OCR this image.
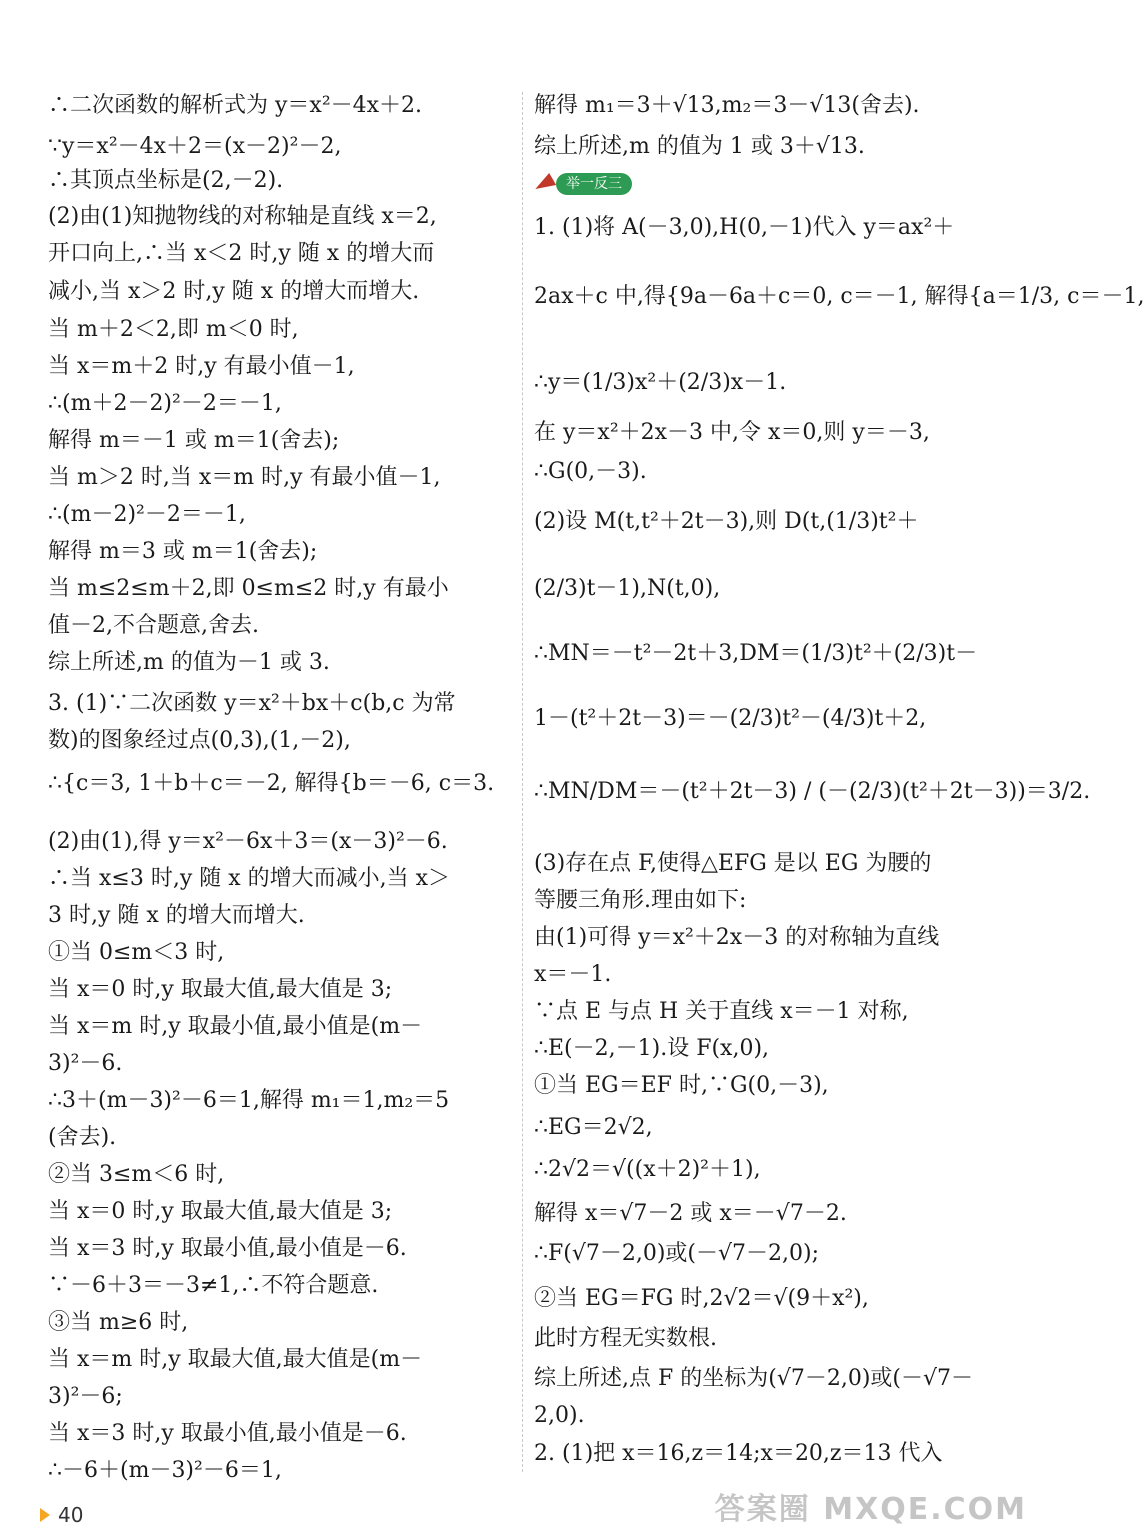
∴二次函数的解析式为 y＝x²－4x＋2.
∵y＝x²－4x＋2＝(x－2)²－2,
∴其顶点坐标是(2,－2).
(2)由(1)知抛物线的对称轴是直线 x＝2,
开口向上,∴当 x＜2 时,y 随 x 的增大而
减小,当 x＞2 时,y 随 x 的增大而增大.
当 m＋2＜2,即 m＜0 时,
当 x＝m＋2 时,y 有最小值－1,
∴(m＋2－2)²－2＝－1,
解得 m＝－1 或 m＝1(舍去);
当 m＞2 时,当 x＝m 时,y 有最小值－1,
∴(m－2)²－2＝－1,
解得 m＝3 或 m＝1(舍去);
当 m≤2≤m＋2,即 0≤m≤2 时,y 有最小
值－2,不合题意,舍去.
综上所述,m 的值为－1 或 3.
3. (1)∵二次函数 y＝x²＋bx＋c(b,c 为常
数)的图象经过点(0,3),(1,－2),
∴{c＝3, 1＋b＋c＝－2, 解得{b＝－6, c＝3.
(2)由(1),得 y＝x²－6x＋3＝(x－3)²－6.
∴当 x≤3 时,y 随 x 的增大而减小,当 x＞
3 时,y 随 x 的增大而增大.
①当 0≤m＜3 时,
当 x＝0 时,y 取最大值,最大值是 3;
当 x＝m 时,y 取最小值,最小值是(m－
3)²－6.
∴3＋(m－3)²－6＝1,解得 m₁＝1,m₂＝5
(舍去).
②当 3≤m＜6 时,
当 x＝0 时,y 取最大值,最大值是 3;
当 x＝3 时,y 取最小值,最小值是－6.
∵－6＋3＝－3≠1,∴不符合题意.
③当 m≥6 时,
当 x＝m 时,y 取最大值,最大值是(m－
3)²－6;
当 x＝3 时,y 取最小值,最小值是－6.
∴－6＋(m－3)²－6＝1,
举一反三
解得 m₁＝3＋√13,m₂＝3－√13(舍去).
综上所述,m 的值为 1 或 3＋√13.
1. (1)将 A(－3,0),H(0,－1)代入 y＝ax²＋
2ax＋c 中,得{9a－6a＋c＝0, c＝－1, 解得{a＝1/3, c＝－1,
∴y＝(1/3)x²＋(2/3)x－1.
在 y＝x²＋2x－3 中,令 x＝0,则 y＝－3,
∴G(0,－3).
(2)设 M(t,t²＋2t－3),则 D(t,(1/3)t²＋
(2/3)t－1),N(t,0),
∴MN＝－t²－2t＋3,DM＝(1/3)t²＋(2/3)t－
1－(t²＋2t－3)＝－(2/3)t²－(4/3)t＋2,
∴MN/DM＝－(t²＋2t－3) / (－(2/3)(t²＋2t－3))＝3/2.
(3)存在点 F,使得△EFG 是以 EG 为腰的
等腰三角形.理由如下:
由(1)可得 y＝x²＋2x－3 的对称轴为直线
x＝－1.
∵点 E 与点 H 关于直线 x＝－1 对称,
∴E(－2,－1).设 F(x,0),
①当 EG＝EF 时,∵G(0,－3),
∴EG＝2√2,
∴2√2＝√((x＋2)²＋1),
解得 x＝√7－2 或 x＝－√7－2.
∴F(√7－2,0)或(－√7－2,0);
②当 EG＝FG 时,2√2＝√(9＋x²),
此时方程无实数根.
综上所述,点 F 的坐标为(√7－2,0)或(－√7－
2,0).
2. (1)把 x＝16,z＝14;x＝20,z＝13 代入
40	答案圈 MXQE.COM
